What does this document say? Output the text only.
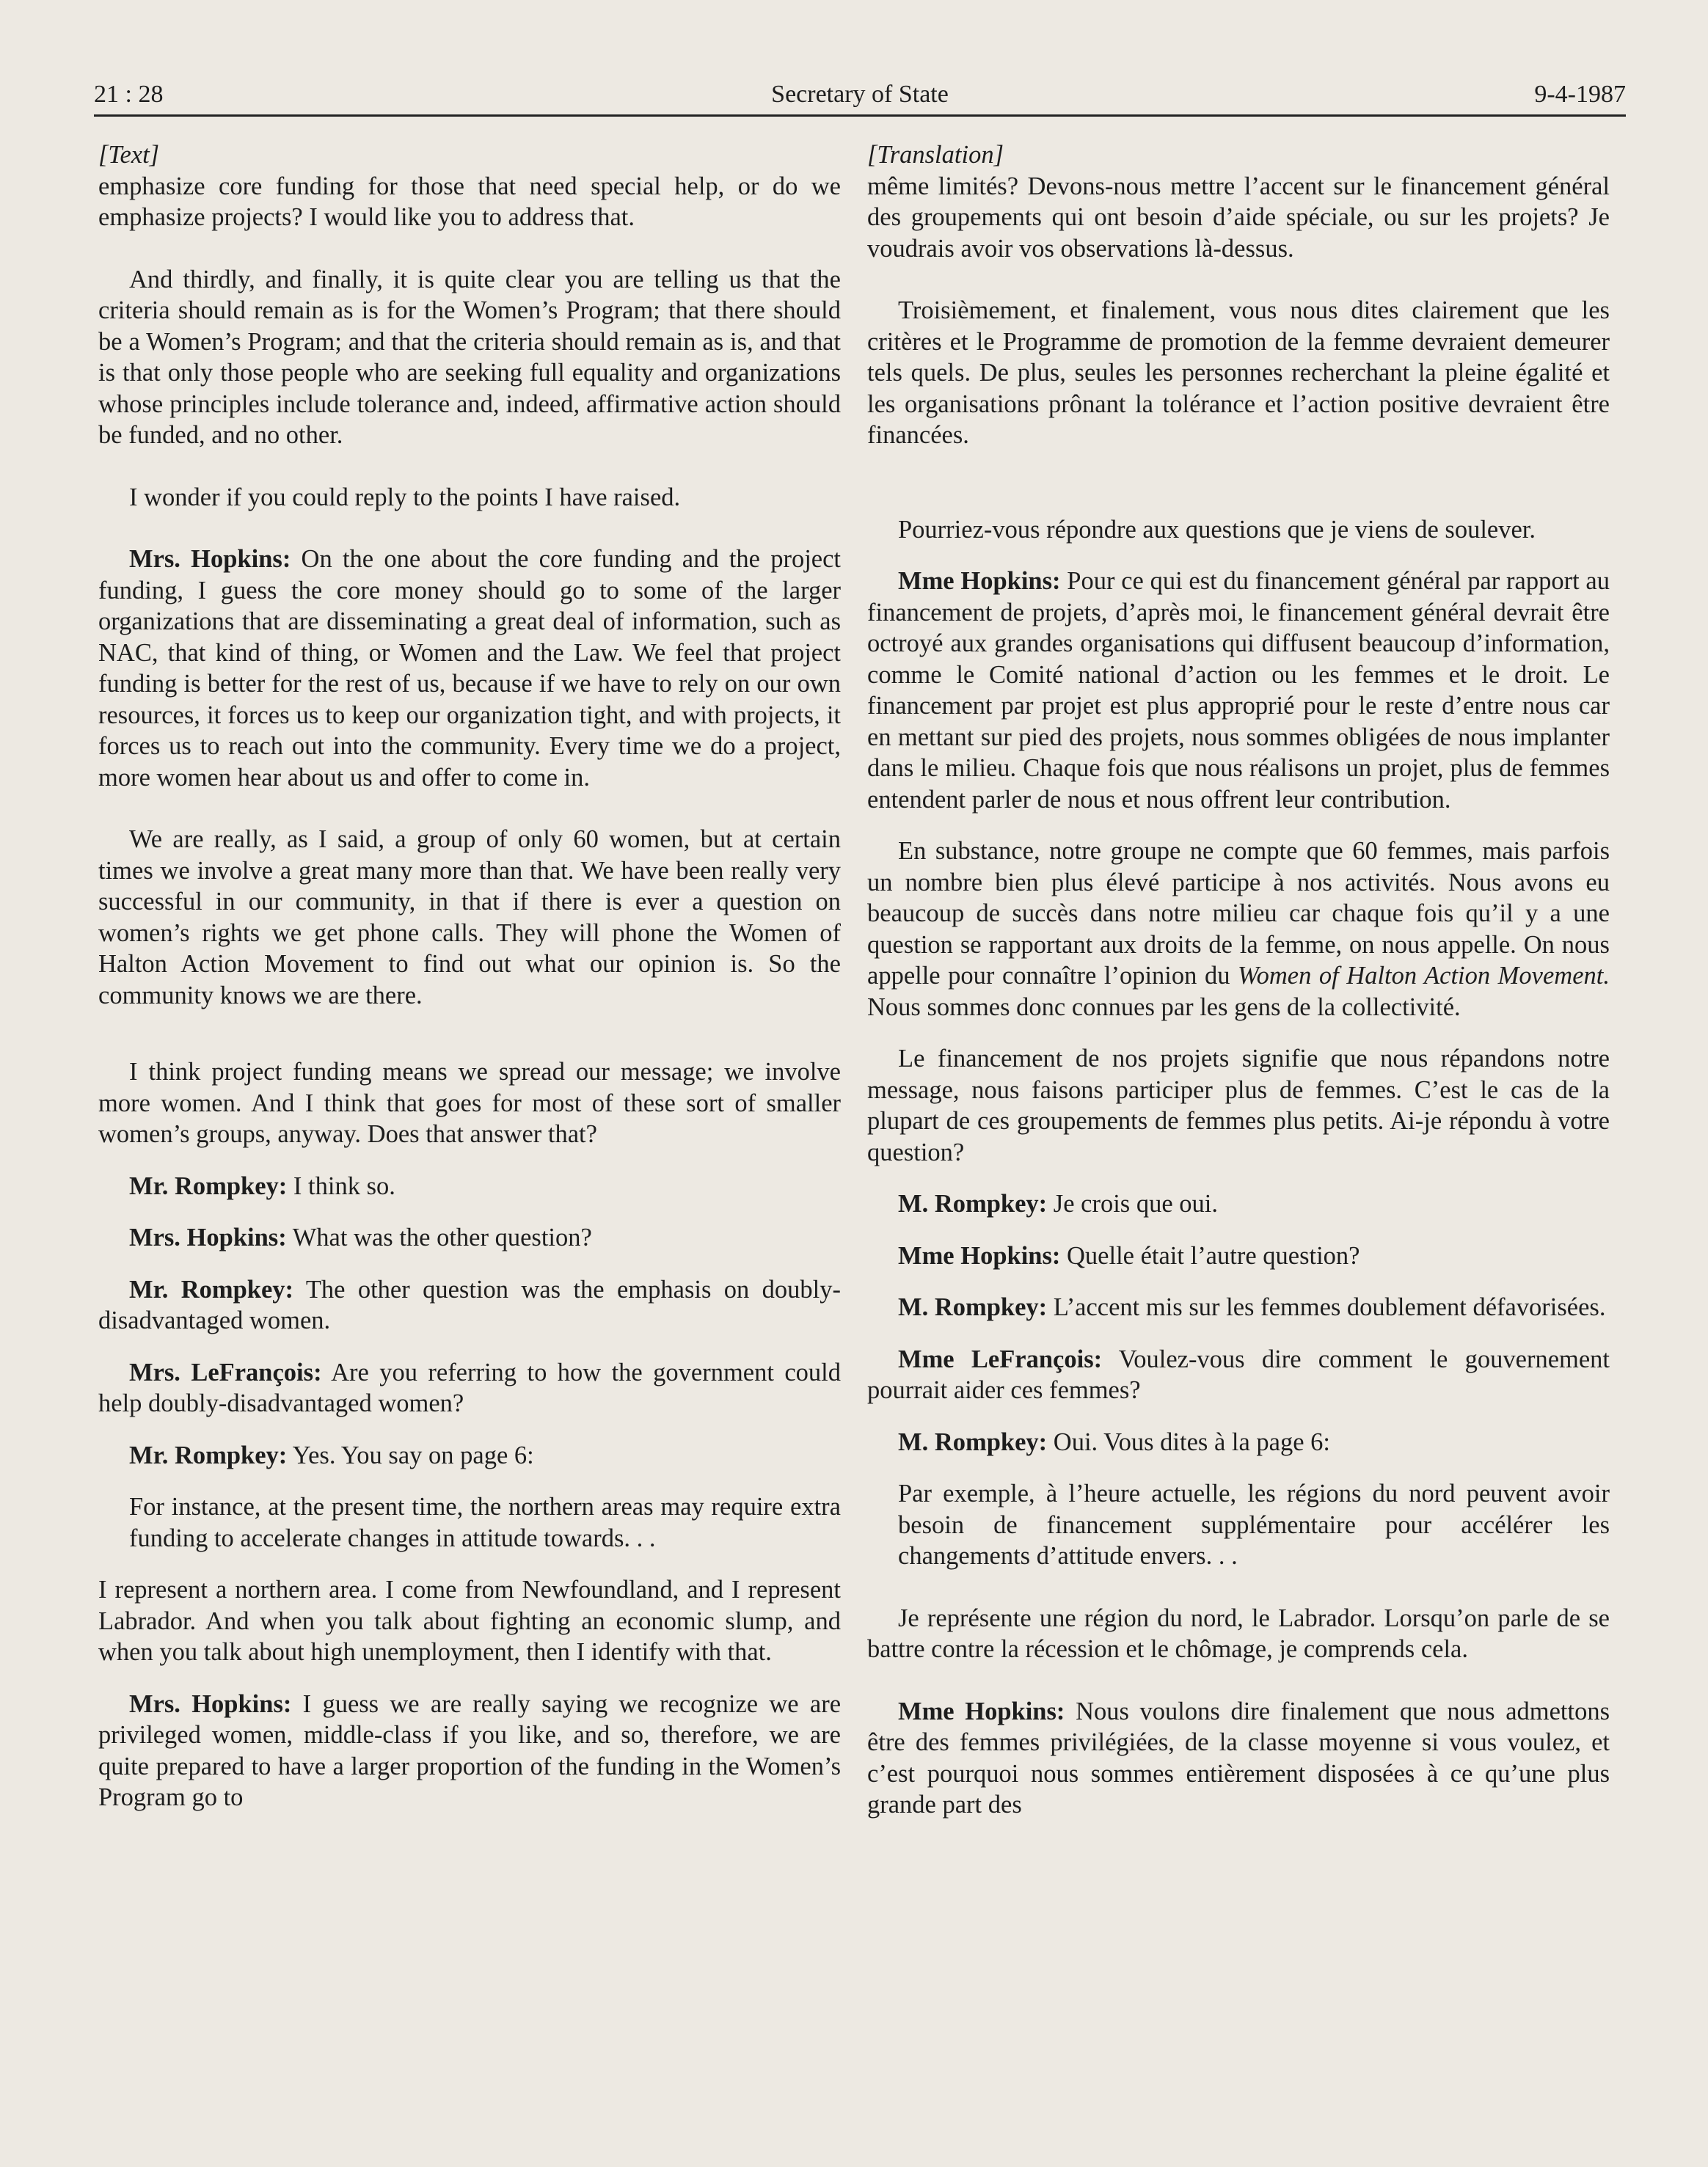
21 : 28	Secretary of State	9-4-1987

[Text]

emphasize core funding for those that need special help, or do we emphasize projects? I would like you to address that.

And thirdly, and finally, it is quite clear you are telling us that the criteria should remain as is for the Women’s Program; that there should be a Women’s Program; and that the criteria should remain as is, and that is that only those people who are seeking full equality and organizations whose principles include tolerance and, indeed, affirmative action should be funded, and no other.

I wonder if you could reply to the points I have raised.

Mrs. Hopkins: On the one about the core funding and the project funding, I guess the core money should go to some of the larger organizations that are disseminating a great deal of information, such as NAC, that kind of thing, or Women and the Law. We feel that project funding is better for the rest of us, because if we have to rely on our own resources, it forces us to keep our organization tight, and with projects, it forces us to reach out into the community. Every time we do a project, more women hear about us and offer to come in.

We are really, as I said, a group of only 60 women, but at certain times we involve a great many more than that. We have been really very successful in our community, in that if there is ever a question on women’s rights we get phone calls. They will phone the Women of Halton Action Movement to find out what our opinion is. So the community knows we are there.

I think project funding means we spread our message; we involve more women. And I think that goes for most of these sort of smaller women’s groups, anyway. Does that answer that?

Mr. Rompkey: I think so.

Mrs. Hopkins: What was the other question?

Mr. Rompkey: The other question was the emphasis on doubly-disadvantaged women.

Mrs. LeFrançois: Are you referring to how the government could help doubly-disadvantaged women?

Mr. Rompkey: Yes. You say on page 6:

For instance, at the present time, the northern areas may require extra funding to accelerate changes in attitude towards. . .

I represent a northern area. I come from Newfoundland, and I represent Labrador. And when you talk about fighting an economic slump, and when you talk about high unemployment, then I identify with that.

Mrs. Hopkins: I guess we are really saying we recognize we are privileged women, middle-class if you like, and so, therefore, we are quite prepared to have a larger proportion of the funding in the Women’s Program go to

[Translation]

même limités? Devons-nous mettre l’accent sur le financement général des groupements qui ont besoin d’aide spéciale, ou sur les projets? Je voudrais avoir vos observations là-dessus.

Troisièmement, et finalement, vous nous dites clairement que les critères et le Programme de promotion de la femme devraient demeurer tels quels. De plus, seules les personnes recherchant la pleine égalité et les organisations prônant la tolérance et l’action positive devraient être financées.

Pourriez-vous répondre aux questions que je viens de soulever.

Mme Hopkins: Pour ce qui est du financement général par rapport au financement de projets, d’après moi, le financement général devrait être octroyé aux grandes organisations qui diffusent beaucoup d’information, comme le Comité national d’action ou les femmes et le droit. Le financement par projet est plus approprié pour le reste d’entre nous car en mettant sur pied des projets, nous sommes obligées de nous implanter dans le milieu. Chaque fois que nous réalisons un projet, plus de femmes entendent parler de nous et nous offrent leur contribution.

En substance, notre groupe ne compte que 60 femmes, mais parfois un nombre bien plus élevé participe à nos activités. Nous avons eu beaucoup de succès dans notre milieu car chaque fois qu’il y a une question se rapportant aux droits de la femme, on nous appelle. On nous appelle pour connaître l’opinion du Women of Halton Action Movement. Nous sommes donc connues par les gens de la collectivité.

Le financement de nos projets signifie que nous répandons notre message, nous faisons participer plus de femmes. C’est le cas de la plupart de ces groupements de femmes plus petits. Ai-je répondu à votre question?

M. Rompkey: Je crois que oui.

Mme Hopkins: Quelle était l’autre question?

M. Rompkey: L’accent mis sur les femmes doublement défavorisées.

Mme LeFrançois: Voulez-vous dire comment le gouvernement pourrait aider ces femmes?

M. Rompkey: Oui. Vous dites à la page 6:

Par exemple, à l’heure actuelle, les régions du nord peuvent avoir besoin de financement supplémentaire pour accélérer les changements d’attitude envers. . .

Je représente une région du nord, le Labrador. Lorsqu’on parle de se battre contre la récession et le chômage, je comprends cela.

Mme Hopkins: Nous voulons dire finalement que nous admettons être des femmes privilégiées, de la classe moyenne si vous voulez, et c’est pourquoi nous sommes entièrement disposées à ce qu’une plus grande part des
